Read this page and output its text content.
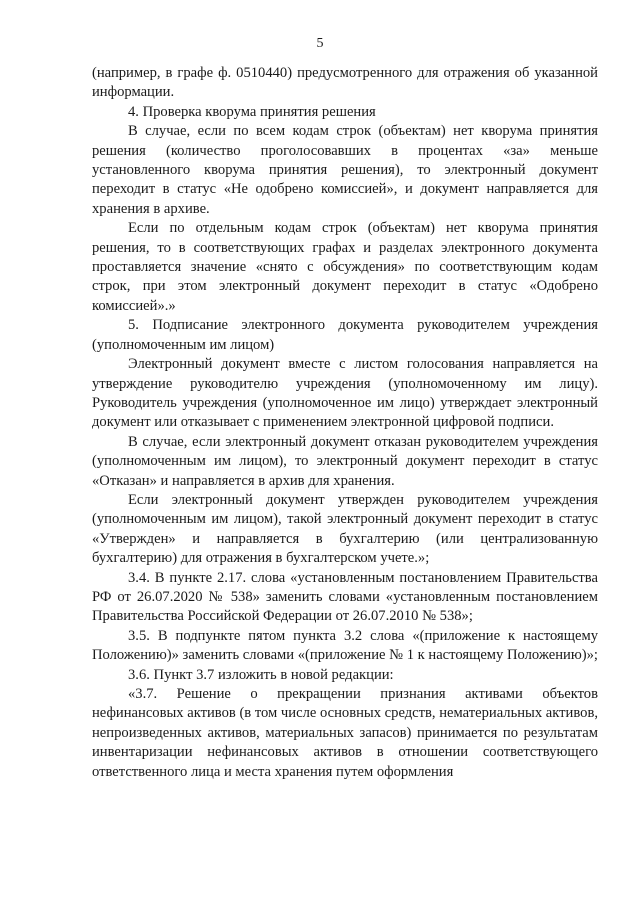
5

(например, в графе ф. 0510440) предусмотренного для отражения об указанной информации.

4. Проверка кворума принятия решения

В случае, если по всем кодам строк (объектам) нет кворума принятия решения (количество проголосовавших в процентах «за» меньше установленного кворума принятия решения), то электронный документ переходит в статус «Не одобрено комиссией», и документ направляется для хранения в архиве.

Если по отдельным кодам строк (объектам) нет кворума принятия решения, то в соответствующих графах и разделах электронного документа проставляется значение «снято с обсуждения» по соответствующим кодам строк, при этом электронный документ переходит в статус «Одобрено комиссией».»

5. Подписание электронного документа руководителем учреждения (уполномоченным им лицом)

Электронный документ вместе с листом голосования направляется на утверждение руководителю учреждения (уполномоченному им лицу). Руководитель учреждения (уполномоченное им лицо) утверждает электронный документ или отказывает с применением электронной цифровой подписи.

В случае, если электронный документ отказан руководителем учреждения (уполномоченным им лицом), то электронный документ переходит в статус «Отказан» и направляется в архив для хранения.

Если электронный документ утвержден руководителем учреждения (уполномоченным им лицом), такой электронный документ переходит в статус «Утвержден» и направляется в бухгалтерию (или централизованную бухгалтерию) для отражения в бухгалтерском учете.»;

3.4. В пункте 2.17. слова «установленным постановлением Правительства РФ от 26.07.2020 № 538» заменить словами «установленным постановлением Правительства Российской Федерации от 26.07.2010 № 538»;

3.5. В подпункте пятом пункта 3.2 слова «(приложение к настоящему Положению)» заменить словами «(приложение № 1 к настоящему Положению)»;

3.6. Пункт 3.7 изложить в новой редакции:

«3.7. Решение о прекращении признания активами объектов нефинансовых активов (в том числе основных средств, нематериальных активов, непроизведенных активов, материальных запасов) принимается по результатам инвентаризации нефинансовых активов в отношении соответствующего ответственного лица и места хранения путем оформления
